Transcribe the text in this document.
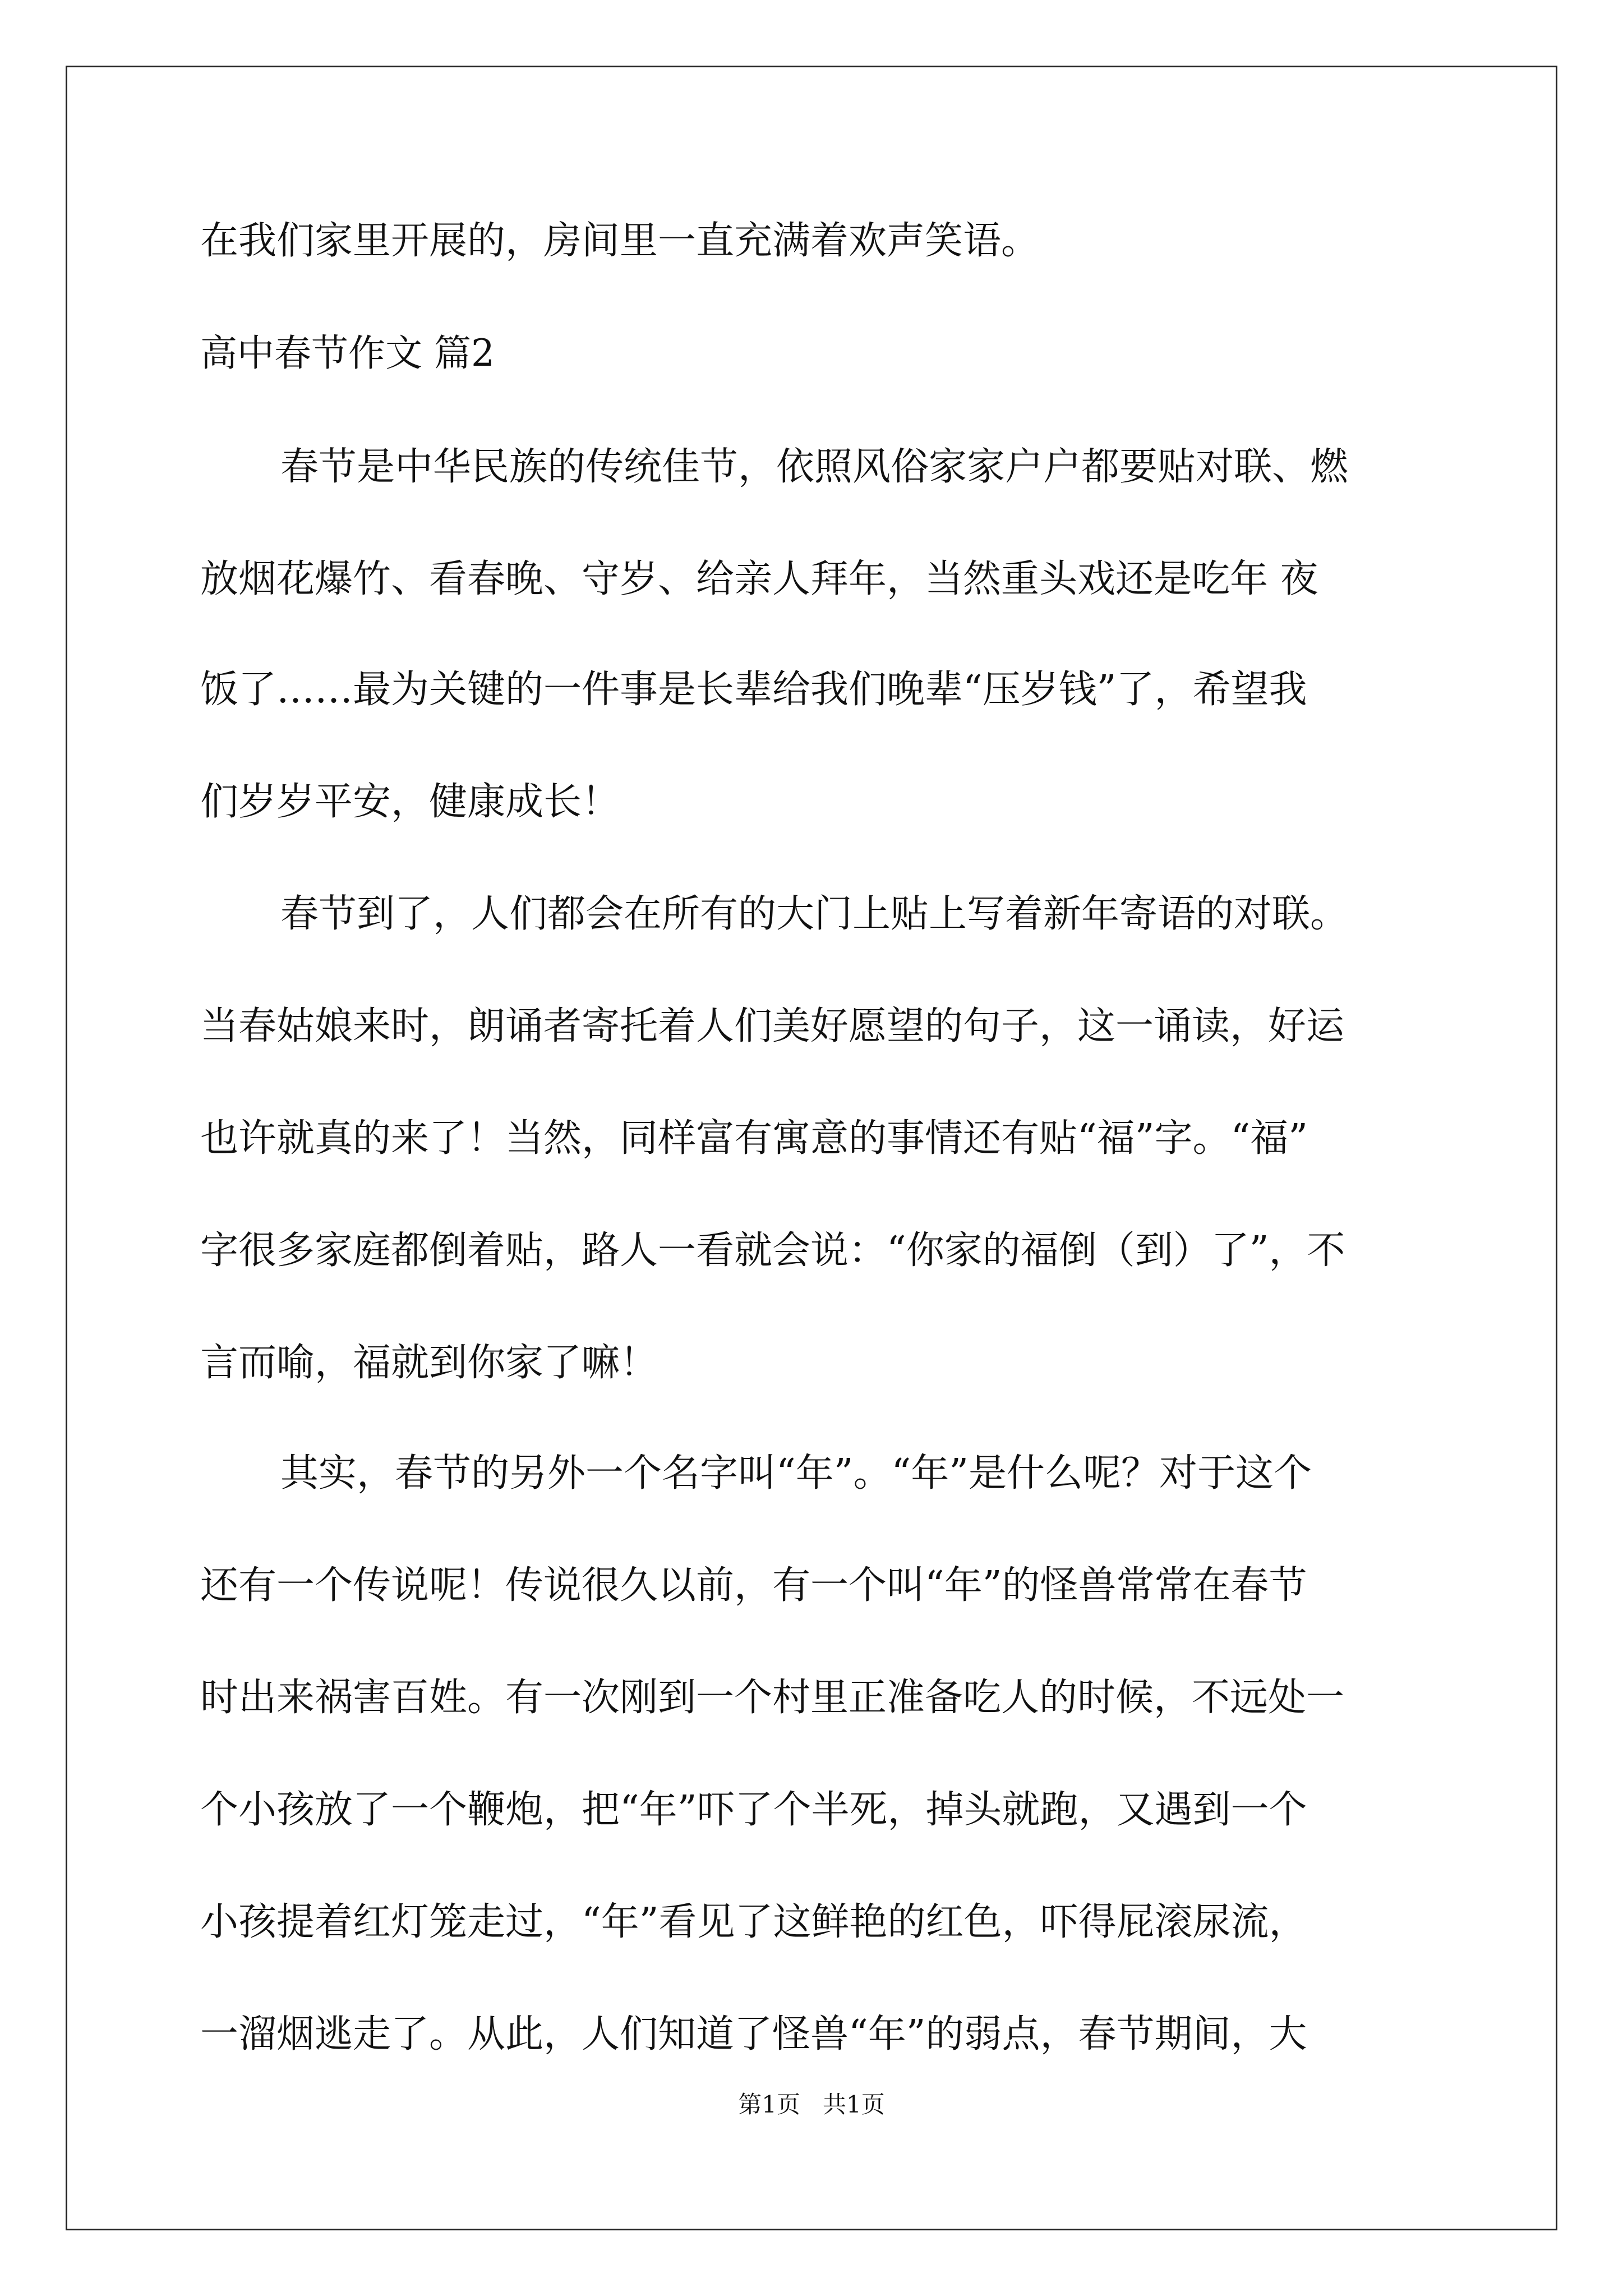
在我们家里开展的，房间里一直充满着欢声笑语。

高中春节作文 篇2

春节是中华民族的传统佳节，依照风俗家家户户都要贴对联、燃

放烟花爆竹、看春晚、守岁、给亲人拜年，当然重头戏还是吃年 夜

饭了……最为关键的一件事是长辈给我们晚辈“压岁钱”了，希望我

们岁岁平安，健康成长！

春节到了，人们都会在所有的大门上贴上写着新年寄语的对联。

当春姑娘来时，朗诵者寄托着人们美好愿望的句子，这一诵读，好运

也许就真的来了！当然，同样富有寓意的事情还有贴“福”字。“福”

字很多家庭都倒着贴，路人一看就会说：“你家的福倒（到）了”，不

言而喻，福就到你家了嘛！

其实，春节的另外一个名字叫“年”。“年”是什么呢？对于这个

还有一个传说呢！传说很久以前，有一个叫“年”的怪兽常常在春节

时出来祸害百姓。有一次刚到一个村里正准备吃人的时候，不远处一

个小孩放了一个鞭炮，把“年”吓了个半死，掉头就跑，又遇到一个

小孩提着红灯笼走过，“年”看见了这鲜艳的红色，吓得屁滚尿流，

一溜烟逃走了。从此，人们知道了怪兽“年”的弱点，春节期间，大

第1页   共1页
